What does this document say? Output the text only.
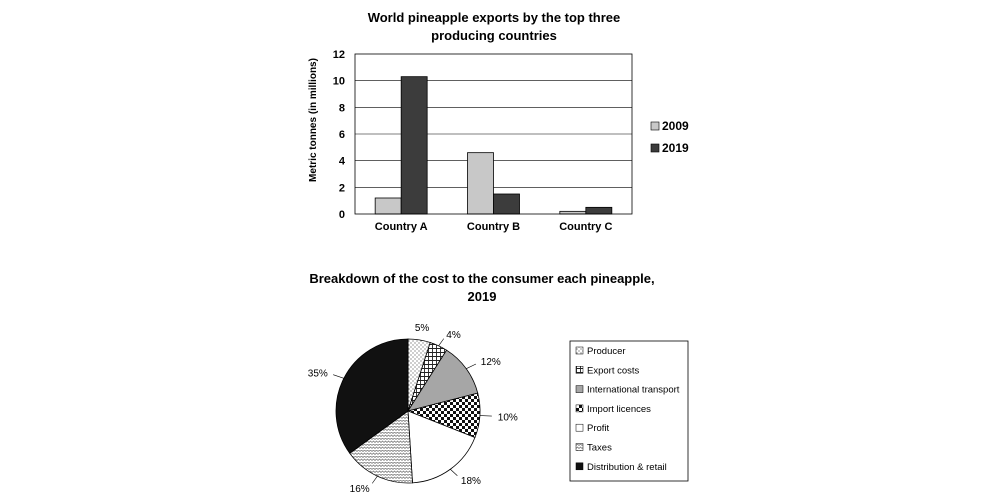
World pineapple exports by the top three
producing countries
Metric tonnes (in millions)
0
2
4
6
8
10
12
Country A	Country B	Country C
2009
2019
Breakdown of the cost to the consumer each pineapple,
2019
5%
4%
12%
10%
18%
16%
35%
Producer
Export costs
International transport
Import licences
Profit
Taxes
Distribution & retail
